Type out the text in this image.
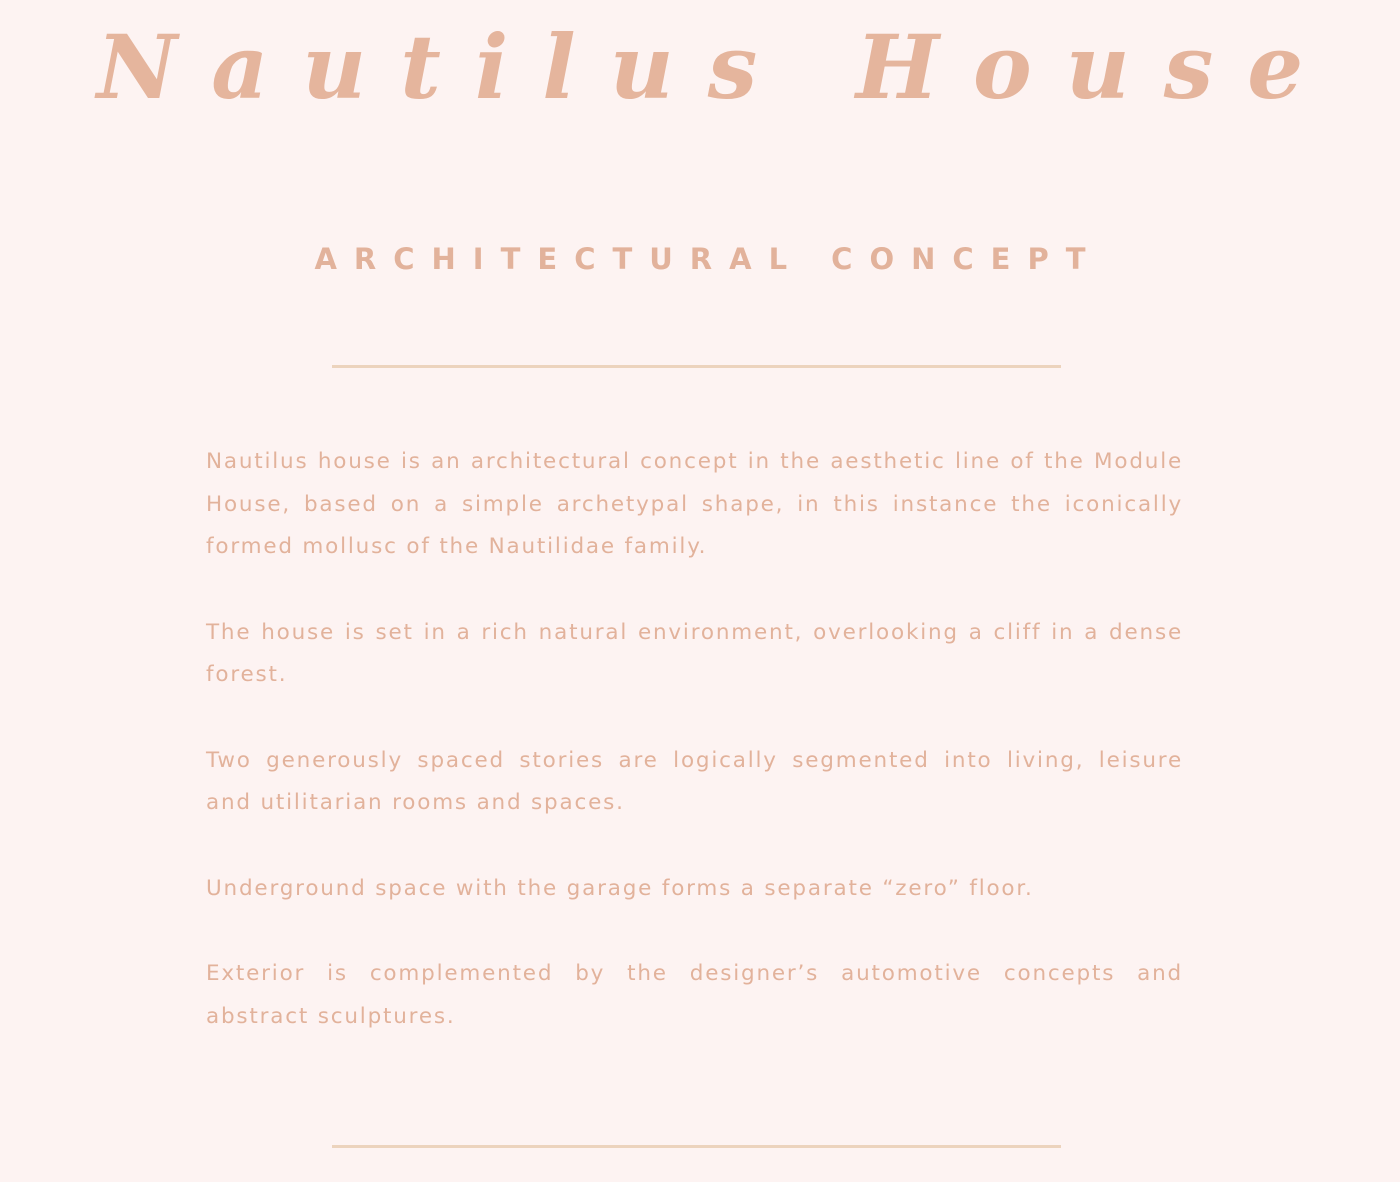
Nautilus House
ARCHITECTURAL CONCEPT

Nautilus house is an architectural concept in the aesthetic line of the Module House, based on a simple archetypal shape, in this instance the iconically formed mollusc of the Nautilidae family.

The house is set in a rich natural environment, overlooking a cliff in a dense forest.

Two generously spaced stories are logically segmented into living, leisure and utilitarian rooms and spaces.

Underground space with the garage forms a separate “zero” floor.

Exterior is complemented by the designer’s automotive concepts and abstract sculptures.
